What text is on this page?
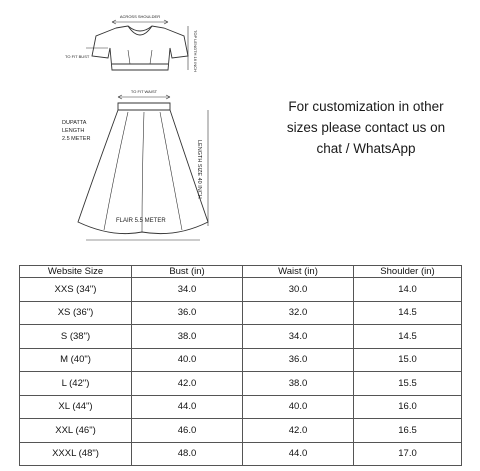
ACROSS SHOULDER
TO FIT BUST	TOP LENGTH 16 INCH
TO FIT WAIST
DUPATTA
LENGTH
2.5 METER
LENGTH SIZE 40 INCH
FLAIR 5.5 METER
For customization in other
sizes please contact us on
chat / WhatsApp
Website Size	Bust (in)	Waist (in)	Shoulder (in)
XXS (34")	34.0	30.0	14.0
XS (36")	36.0	32.0	14.5
S (38")	38.0	34.0	14.5
M (40")	40.0	36.0	15.0
L (42")	42.0	38.0	15.5
XL (44")	44.0	40.0	16.0
XXL (46")	46.0	42.0	16.5
XXXL (48")	48.0	44.0	17.0
